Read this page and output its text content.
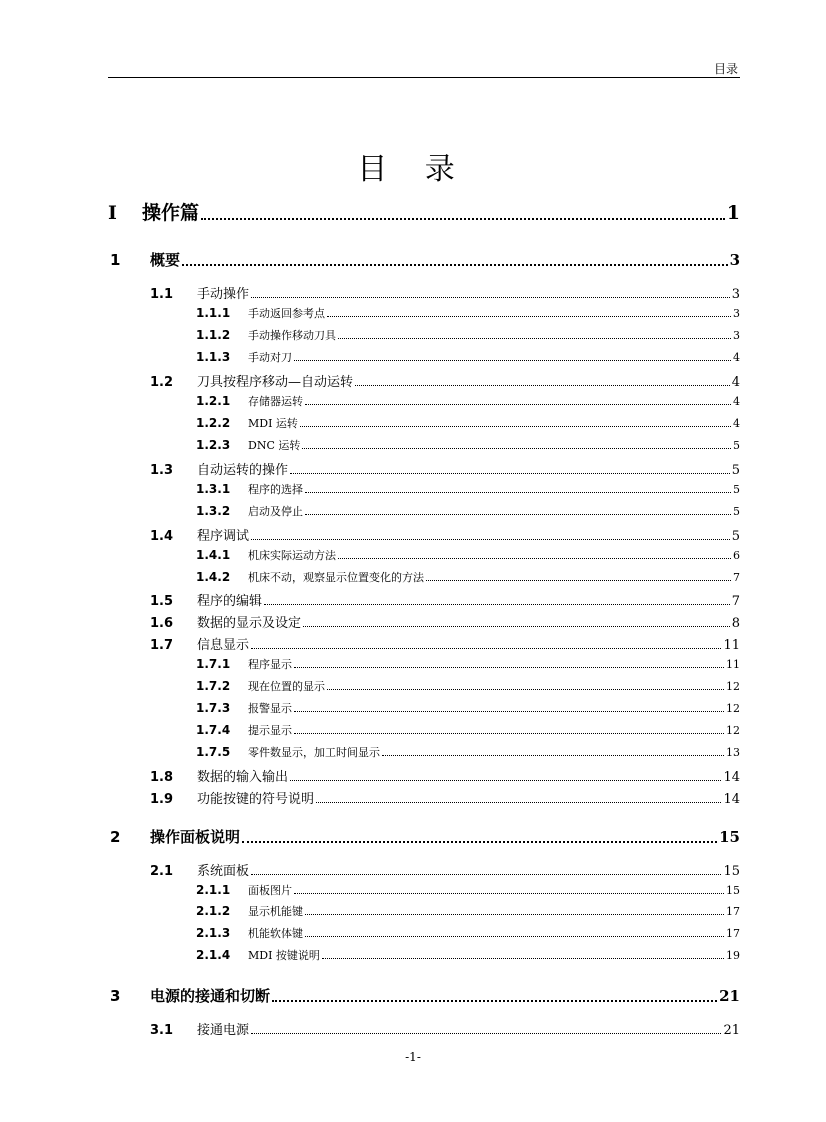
目录
目 录
I	操作篇	1
1	概要	3
1.1	手动操作	3
1.1.1	手动返回参考点	3
1.1.2	手动操作移动刀具	3
1.1.3	手动对刀	4
1.2	刀具按程序移动—自动运转	4
1.2.1	存储器运转	4
1.2.2	MDI 运转	4
1.2.3	DNC 运转	5
1.3	自动运转的操作	5
1.3.1	程序的选择	5
1.3.2	启动及停止	5
1.4	程序调试	5
1.4.1	机床实际运动方法	6
1.4.2	机床不动，观察显示位置变化的方法	7
1.5	程序的编辑	7
1.6	数据的显示及设定	8
1.7	信息显示	11
1.7.1	程序显示	11
1.7.2	现在位置的显示	12
1.7.3	报警显示	12
1.7.4	提示显示	12
1.7.5	零件数显示，加工时间显示	13
1.8	数据的输入输出	14
1.9	功能按键的符号说明	14
2	操作面板说明	15
2.1	系统面板	15
2.1.1	面板图片	15
2.1.2	显示机能键	17
2.1.3	机能软体键	17
2.1.4	MDI 按键说明	19
3	电源的接通和切断	21
3.1	接通电源	21
-1-
